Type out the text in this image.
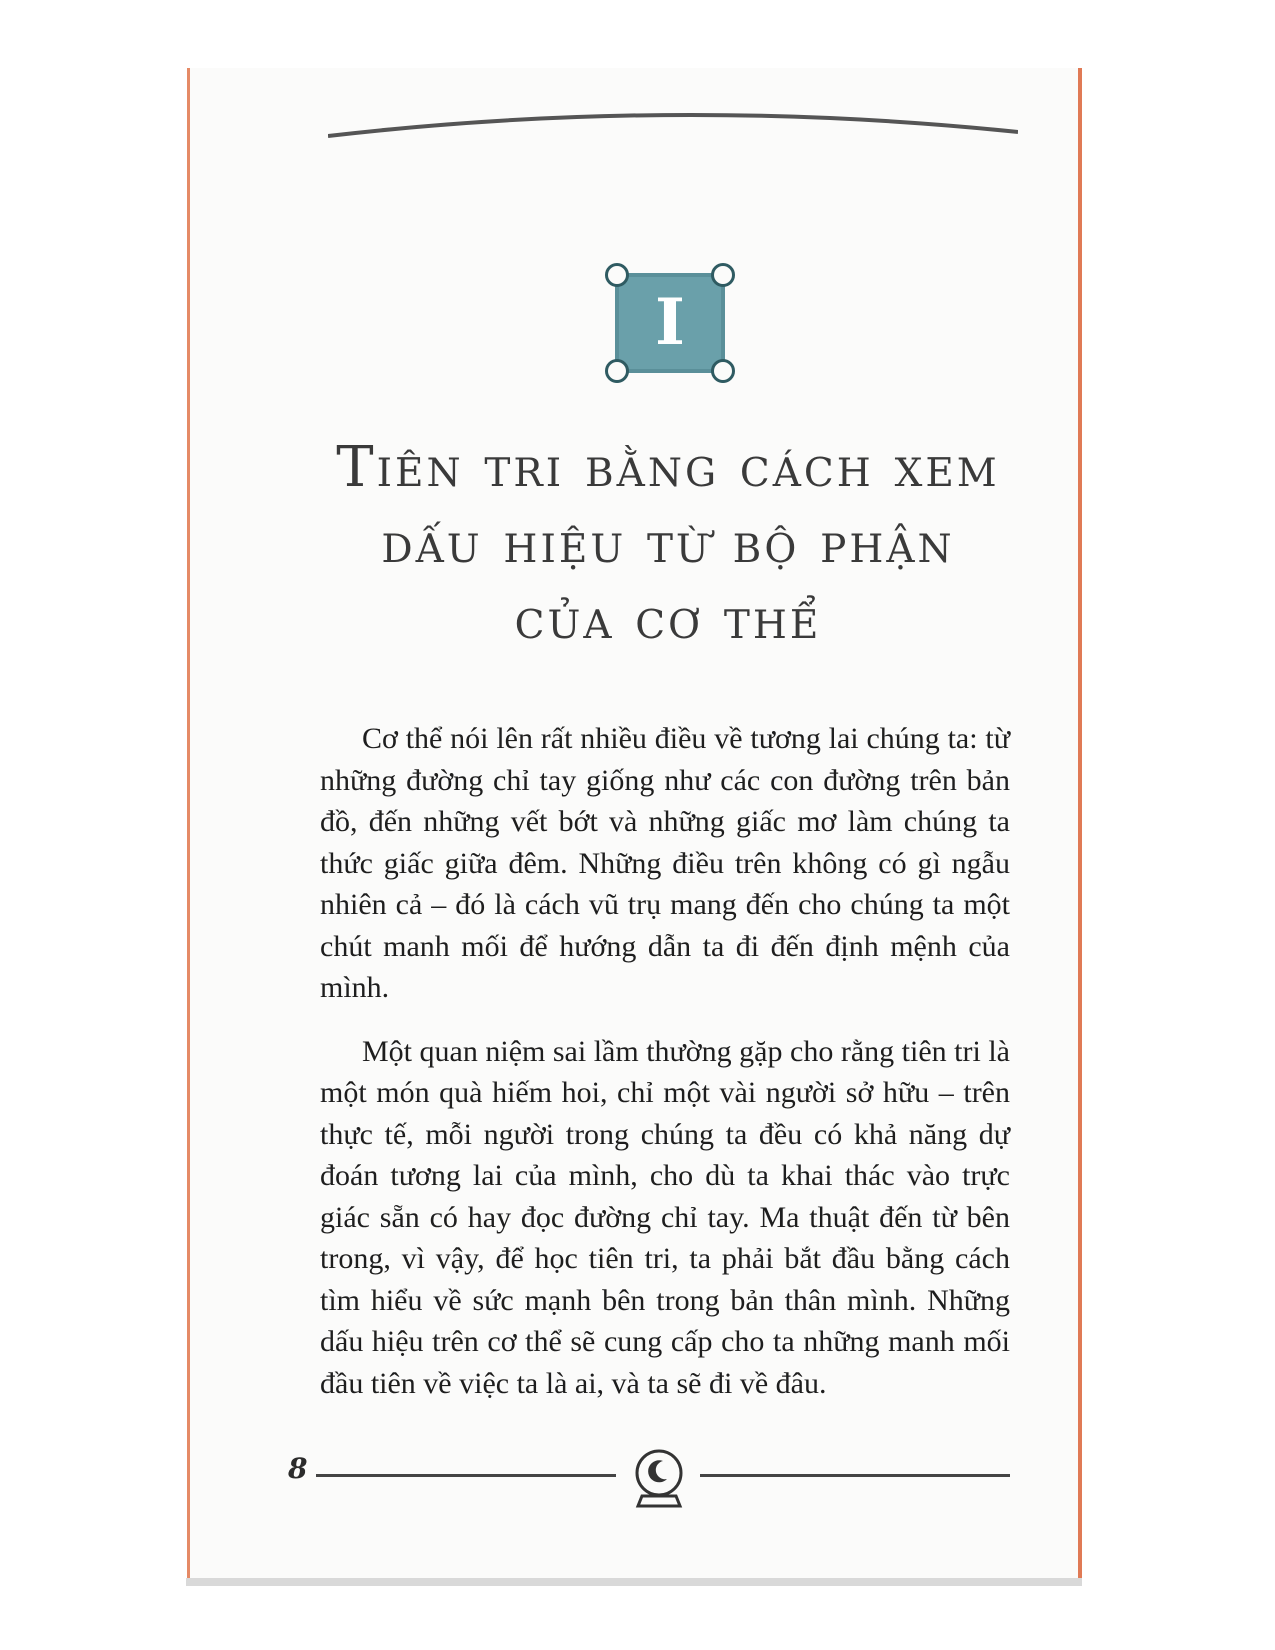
I
Tiên tri bằng cách xem
dấu hiệu từ bộ phận
của cơ thể

Cơ thể nói lên rất nhiều điều về tương lai chúng ta: từ những đường chỉ tay giống như các con đường trên bản đồ, đến những vết bớt và những giấc mơ làm chúng ta thức giấc giữa đêm. Những điều trên không có gì ngẫu nhiên cả – đó là cách vũ trụ mang đến cho chúng ta một chút manh mối để hướng dẫn ta đi đến định mệnh của mình.

Một quan niệm sai lầm thường gặp cho rằng tiên tri là một món quà hiếm hoi, chỉ một vài người sở hữu – trên thực tế, mỗi người trong chúng ta đều có khả năng dự đoán tương lai của mình, cho dù ta khai thác vào trực giác sẵn có hay đọc đường chỉ tay. Ma thuật đến từ bên trong, vì vậy, để học tiên tri, ta phải bắt đầu bằng cách tìm hiểu về sức mạnh bên trong bản thân mình. Những dấu hiệu trên cơ thể sẽ cung cấp cho ta những manh mối đầu tiên về việc ta là ai, và ta sẽ đi về đâu.

8
